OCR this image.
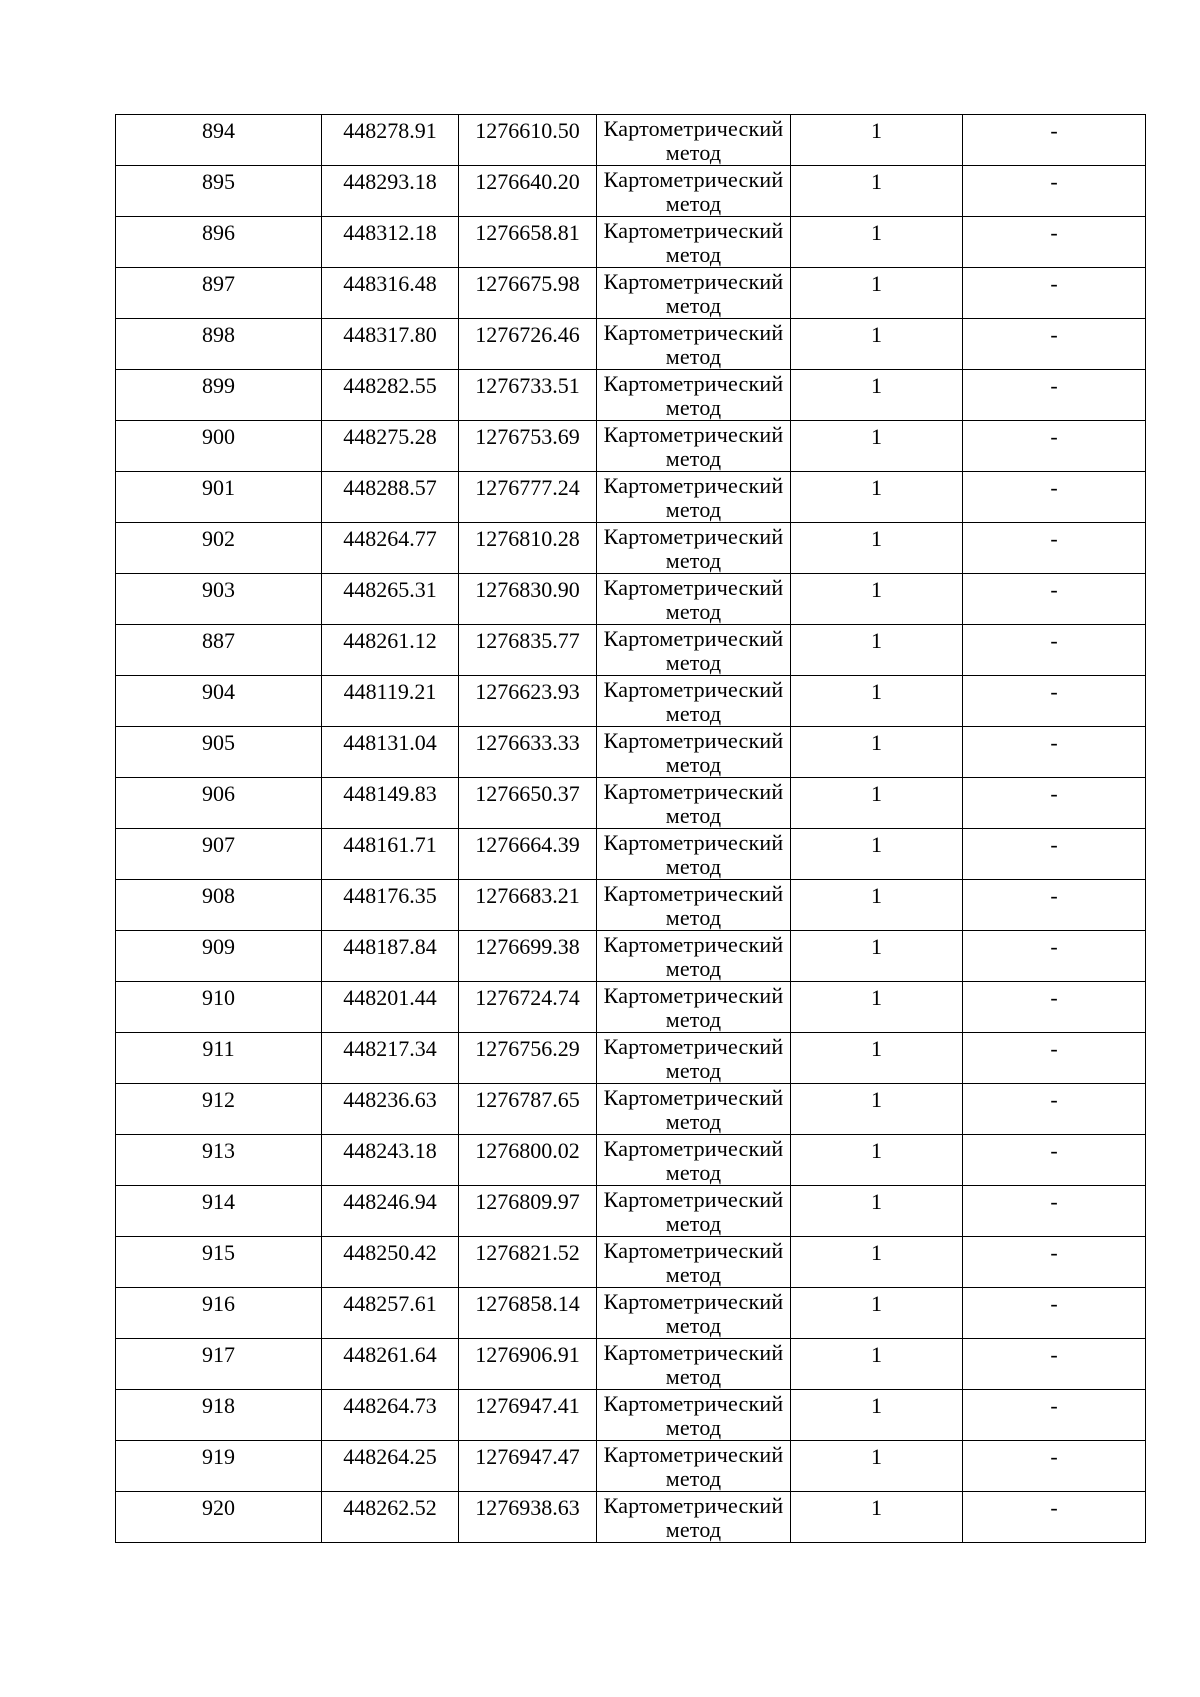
894	448278.91	1276610.50	Картометрический метод	1	-

895	448293.18	1276640.20	Картометрический метод	1	-

896	448312.18	1276658.81	Картометрический метод	1	-

897	448316.48	1276675.98	Картометрический метод	1	-

898	448317.80	1276726.46	Картометрический метод	1	-

899	448282.55	1276733.51	Картометрический метод	1	-

900	448275.28	1276753.69	Картометрический метод	1	-

901	448288.57	1276777.24	Картометрический метод	1	-

902	448264.77	1276810.28	Картометрический метод	1	-

903	448265.31	1276830.90	Картометрический метод	1	-

887	448261.12	1276835.77	Картометрический метод	1	-

904	448119.21	1276623.93	Картометрический метод	1	-

905	448131.04	1276633.33	Картометрический метод	1	-

906	448149.83	1276650.37	Картометрический метод	1	-

907	448161.71	1276664.39	Картометрический метод	1	-

908	448176.35	1276683.21	Картометрический метод	1	-

909	448187.84	1276699.38	Картометрический метод	1	-

910	448201.44	1276724.74	Картометрический метод	1	-

911	448217.34	1276756.29	Картометрический метод	1	-

912	448236.63	1276787.65	Картометрический метод	1	-

913	448243.18	1276800.02	Картометрический метод	1	-

914	448246.94	1276809.97	Картометрический метод	1	-

915	448250.42	1276821.52	Картометрический метод	1	-

916	448257.61	1276858.14	Картометрический метод	1	-

917	448261.64	1276906.91	Картометрический метод	1	-

918	448264.73	1276947.41	Картометрический метод	1	-

919	448264.25	1276947.47	Картометрический метод	1	-

920	448262.52	1276938.63	Картометрический метод	1	-
